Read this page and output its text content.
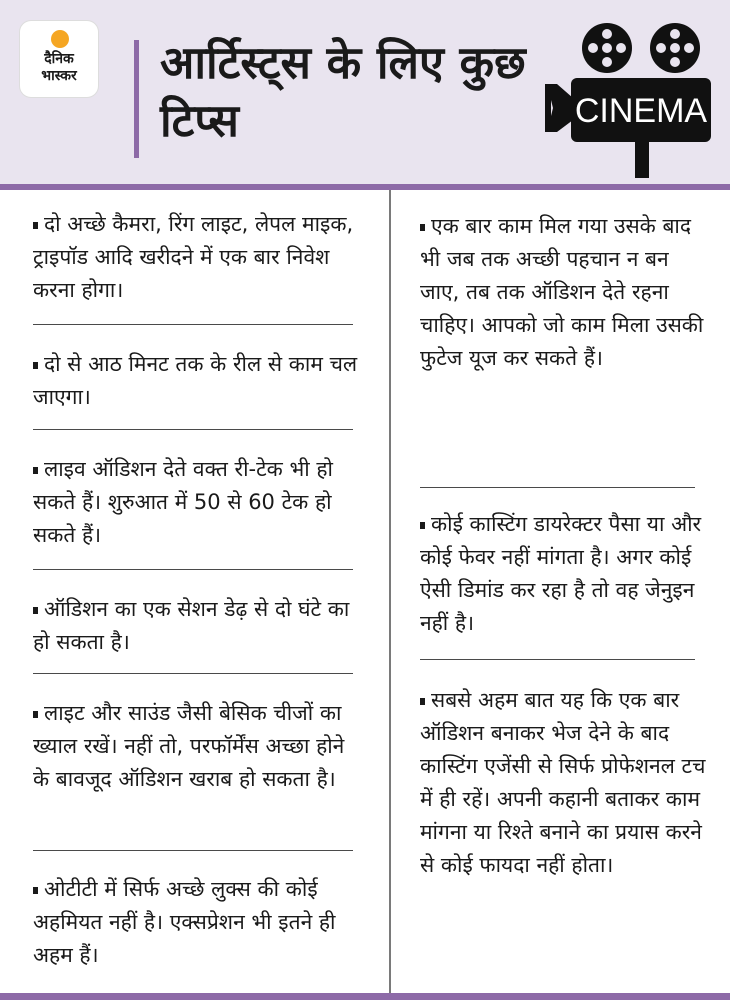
दैनिक
भास्कर	आर्टिस्ट्स के लिए कुछ टिप्स	CINEMA
दो अच्छे कैमरा, रिंग लाइट, लेपल माइक, ट्राइपॉड आदि खरीदने में एक बार निवेश करना होगा।
दो से आठ मिनट तक के रील से काम चल जाएगा।
लाइव ऑडिशन देते वक्त री-टेक भी हो सकते हैं। शुरुआत में 50 से 60 टेक हो सकते हैं।
ऑडिशन का एक सेशन डेढ़ से दो घंटे का हो सकता है।
लाइट और साउंड जैसी बेसिक चीजों का ख्याल रखें। नहीं तो, परफॉर्मेंस अच्छा होने के बावजूद ऑडिशन खराब हो सकता है।
ओटीटी में सिर्फ अच्छे लुक्स की कोई अहमियत नहीं है। एक्सप्रेशन भी इतने ही अहम हैं।
एक बार काम मिल गया उसके बाद भी जब तक अच्छी पहचान न बन जाए, तब तक ऑडिशन देते रहना चाहिए। आपको जो काम मिला उसकी फुटेज यूज कर सकते हैं।
कोई कास्टिंग डायरेक्टर पैसा या और कोई फेवर नहीं मांगता है। अगर कोई ऐसी डिमांड कर रहा है तो वह जेनुइन नहीं है।
सबसे अहम बात यह कि एक बार ऑडिशन बनाकर भेज देने के बाद कास्टिंग एजेंसी से सिर्फ प्रोफेशनल टच में ही रहें। अपनी कहानी बताकर काम मांगना या रिश्ते बनाने का प्रयास करने से कोई फायदा नहीं होता।
